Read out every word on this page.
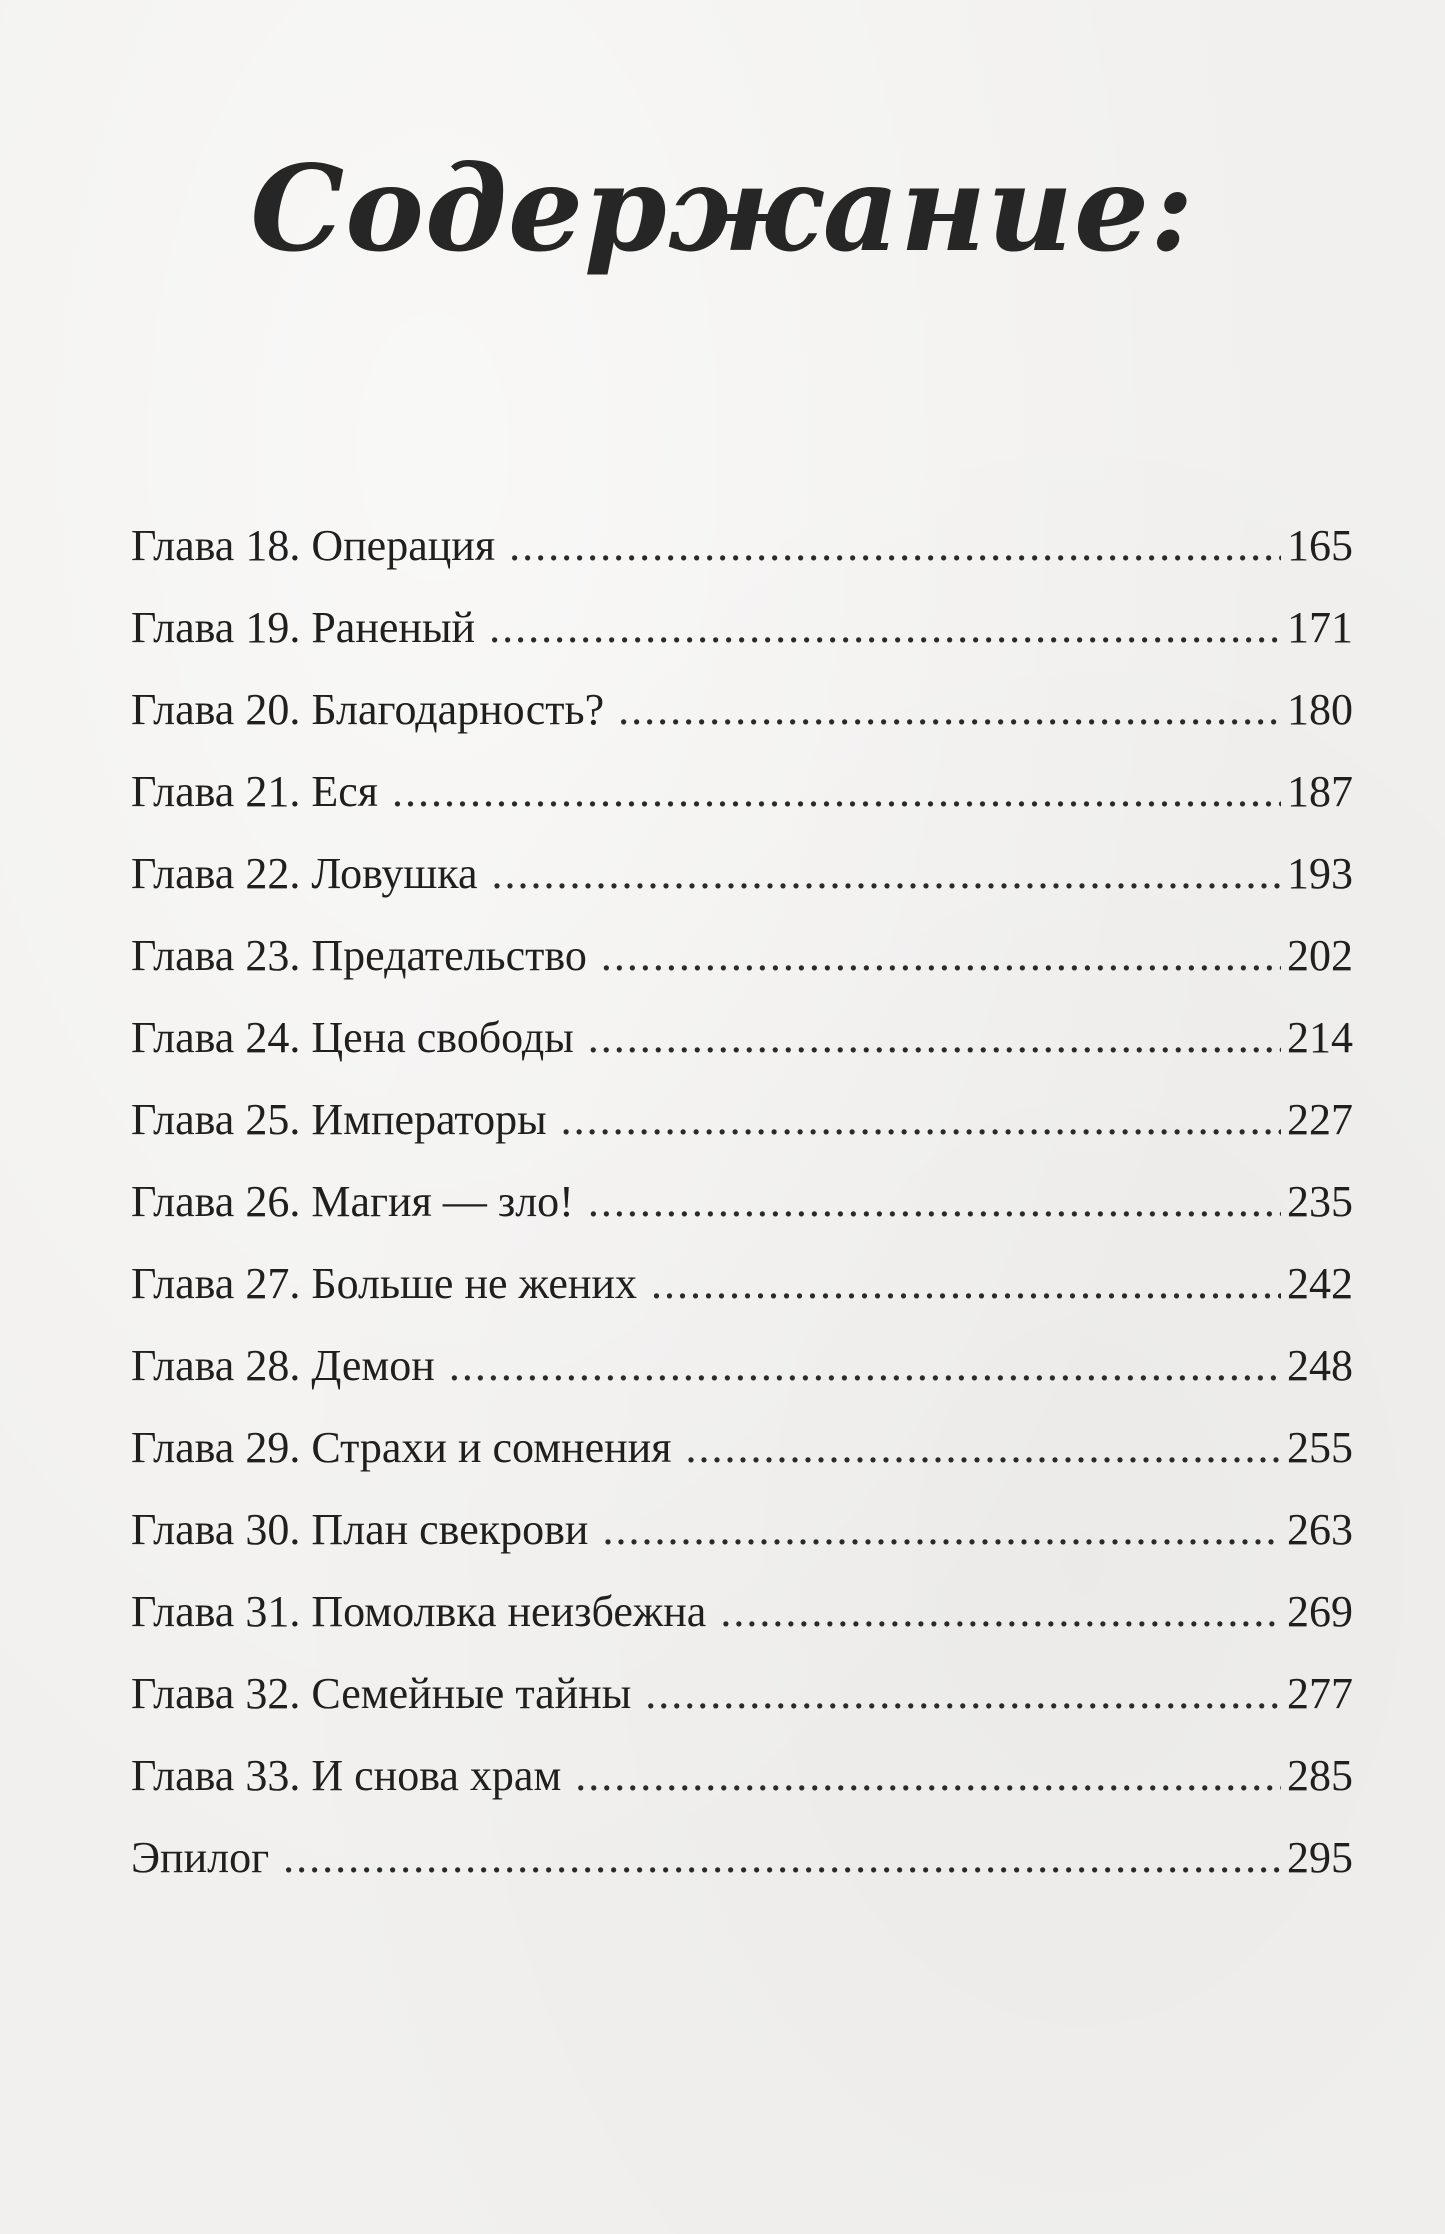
Содержание:
Глава 18. Операция .....	165
Глава 19. Раненый .....	171
Глава 20. Благодарность? .....	180
Глава 21. Еся .....	187
Глава 22. Ловушка .....	193
Глава 23. Предательство .....	202
Глава 24. Цена свободы .....	214
Глава 25. Императоры .....	227
Глава 26. Магия — зло! .....	235
Глава 27. Больше не жених .....	242
Глава 28. Демон .....	248
Глава 29. Страхи и сомнения .....	255
Глава 30. План свекрови .....	263
Глава 31. Помолвка неизбежна .....	269
Глава 32. Семейные тайны .....	277
Глава 33. И снова храм .....	285
Эпилог .....	295
